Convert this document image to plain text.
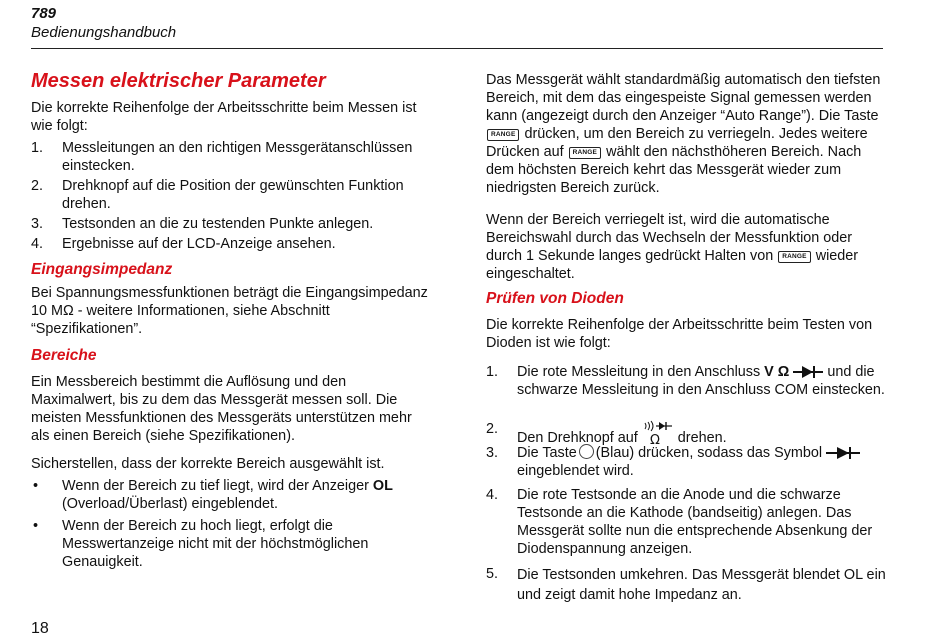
789
Bedienungshandbuch
Messen elektrischer Parameter
Die korrekte Reihenfolge der Arbeitsschritte beim Messen ist wie folgt:
1. Messleitungen an den richtigen Messgerätanschlüssen einstecken.
2. Drehknopf auf die Position der gewünschten Funktion drehen.
3. Testsonden an die zu testenden Punkte anlegen.
4. Ergebnisse auf der LCD-Anzeige ansehen.
Eingangsimpedanz
Bei Spannungsmessfunktionen beträgt die Eingangsimpedanz 10 MΩ - weitere Informationen, siehe Abschnitt “Spezifikationen”.
Bereiche
Ein Messbereich bestimmt die Auflösung und den Maximalwert, bis zu dem das Messgerät messen soll. Die meisten Messfunktionen des Messgeräts unterstützen mehr als einen Bereich (siehe Spezifikationen).
Sicherstellen, dass der korrekte Bereich ausgewählt ist.
• Wenn der Bereich zu tief liegt, wird der Anzeiger OL (Overload/Überlast) eingeblendet.
• Wenn der Bereich zu hoch liegt, erfolgt die Messwertanzeige nicht mit der höchstmöglichen Genauigkeit.
Das Messgerät wählt standardmäßig automatisch den tiefsten Bereich, mit dem das eingespeiste Signal gemessen werden kann (angezeigt durch den Anzeiger “Auto Range”). Die Taste RANGE drücken, um den Bereich zu verriegeln. Jedes weitere Drücken auf RANGE wählt den nächsthöheren Bereich. Nach dem höchsten Bereich kehrt das Messgerät wieder zum niedrigsten Bereich zurück.
Wenn der Bereich verriegelt ist, wird die automatische Bereichswahl durch das Wechseln der Messfunktion oder durch 1 Sekunde langes gedrückt Halten von RANGE wieder eingeschaltet.
Prüfen von Dioden
Die korrekte Reihenfolge der Arbeitsschritte beim Testen von Dioden ist wie folgt:
1. Die rote Messleitung in den Anschluss V Ω	und die schwarze Messleitung in den Anschluss COM einstecken.
2.
Den Drehknopf auf Ω drehen.
3. Die Taste (Blau) drücken, sodass das Symbol  eingeblendet wird.
4. Die rote Testsonde an die Anode und die schwarze Testsonde an die Kathode (bandseitig) anlegen. Das Messgerät sollte nun die entsprechende Absenkung der Diodenspannung anzeigen.
5. Die Testsonden umkehren. Das Messgerät blendet OL ein und zeigt damit hohe Impedanz an.
18
